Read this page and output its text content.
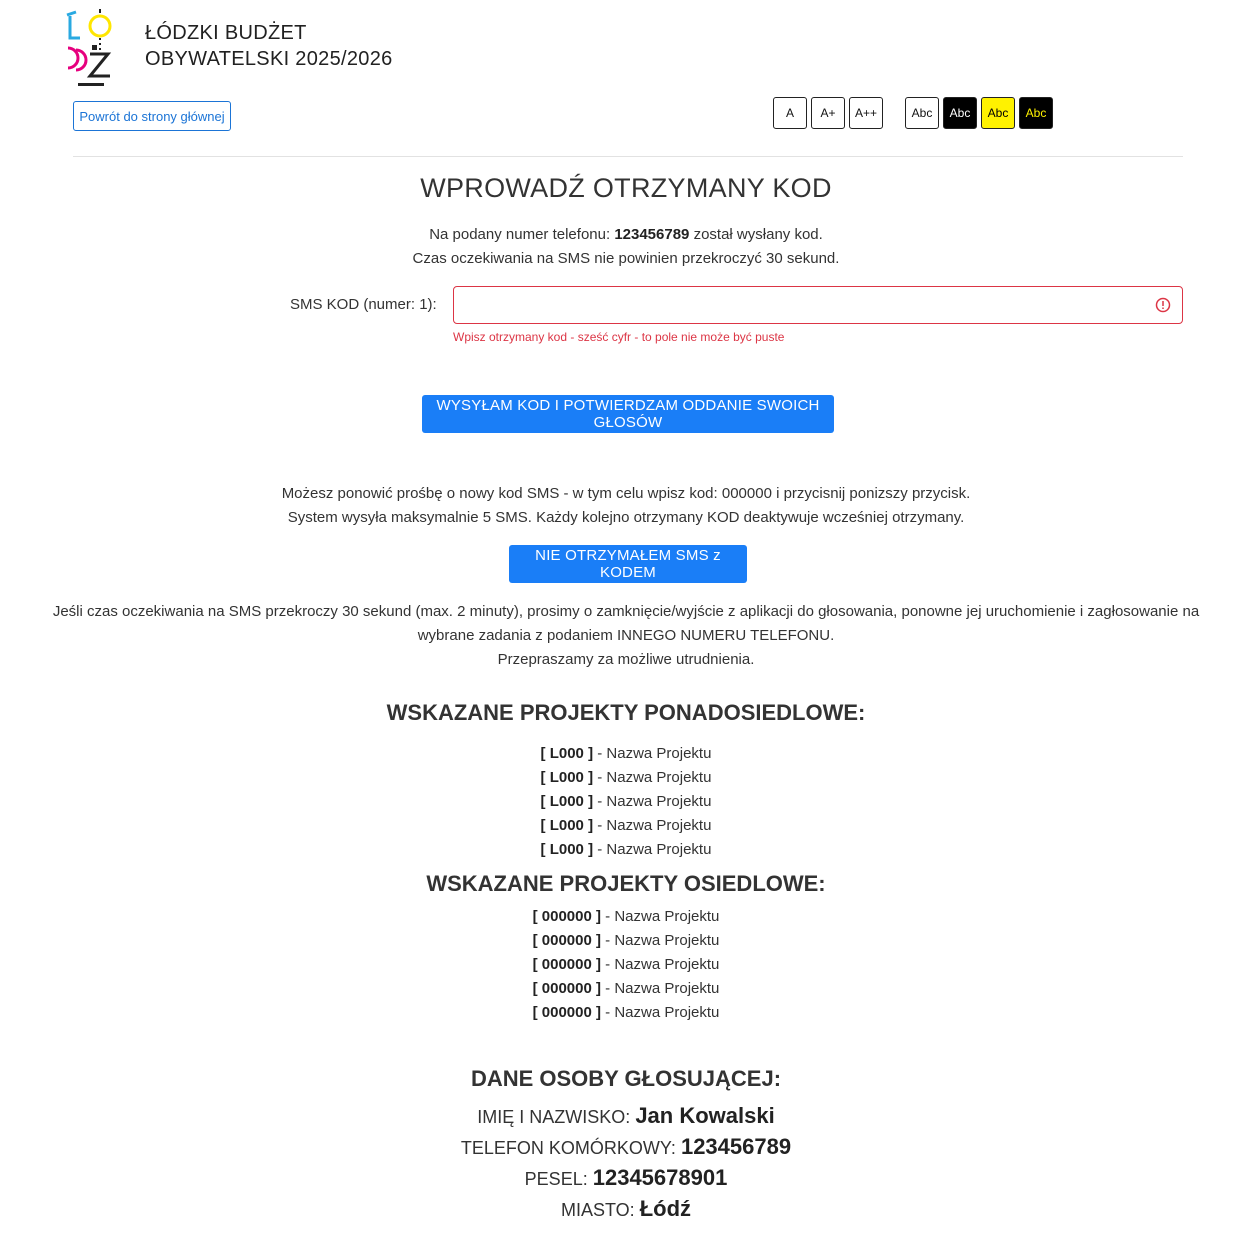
ŁÓDZKI BUDŻET
OBYWATELSKI 2025/2026
Powrót do strony głównej	A	A+	A++	Abc	Abc	Abc	Abc
WPROWADŹ OTRZYMANY KOD
Na podany numer telefonu: 123456789 został wysłany kod.
Czas oczekiwania na SMS nie powinien przekroczyć 30 sekund.
SMS KOD (numer: 1):
Wpisz otrzymany kod - sześć cyfr - to pole nie może być puste
WYSYŁAM KOD I POTWIERDZAM ODDANIE SWOICH GŁOSÓW
Możesz ponowić prośbę o nowy kod SMS - w tym celu wpisz kod: 000000 i przycisnij ponizszy przycisk.
System wysyła maksymalnie 5 SMS. Każdy kolejno otrzymany KOD deaktywuje wcześniej otrzymany.
NIE OTRZYMAŁEM SMS z KODEM
Jeśli czas oczekiwania na SMS przekroczy 30 sekund (max. 2 minuty), prosimy o zamknięcie/wyjście z aplikacji do głosowania, ponowne jej uruchomienie i zagłosowanie na
wybrane zadania z podaniem INNEGO NUMERU TELEFONU.
Przepraszamy za możliwe utrudnienia.
WSKAZANE PROJEKTY PONADOSIEDLOWE:
[ L000 ] - Nazwa Projektu
[ L000 ] - Nazwa Projektu
[ L000 ] - Nazwa Projektu
[ L000 ] - Nazwa Projektu
[ L000 ] - Nazwa Projektu
WSKAZANE PROJEKTY OSIEDLOWE:
[ 000000 ] - Nazwa Projektu
[ 000000 ] - Nazwa Projektu
[ 000000 ] - Nazwa Projektu
[ 000000 ] - Nazwa Projektu
[ 000000 ] - Nazwa Projektu
DANE OSOBY GŁOSUJĄCEJ:
IMIĘ I NAZWISKO: Jan Kowalski
TELEFON KOMÓRKOWY: 123456789
PESEL: 12345678901
MIASTO: Łódź
